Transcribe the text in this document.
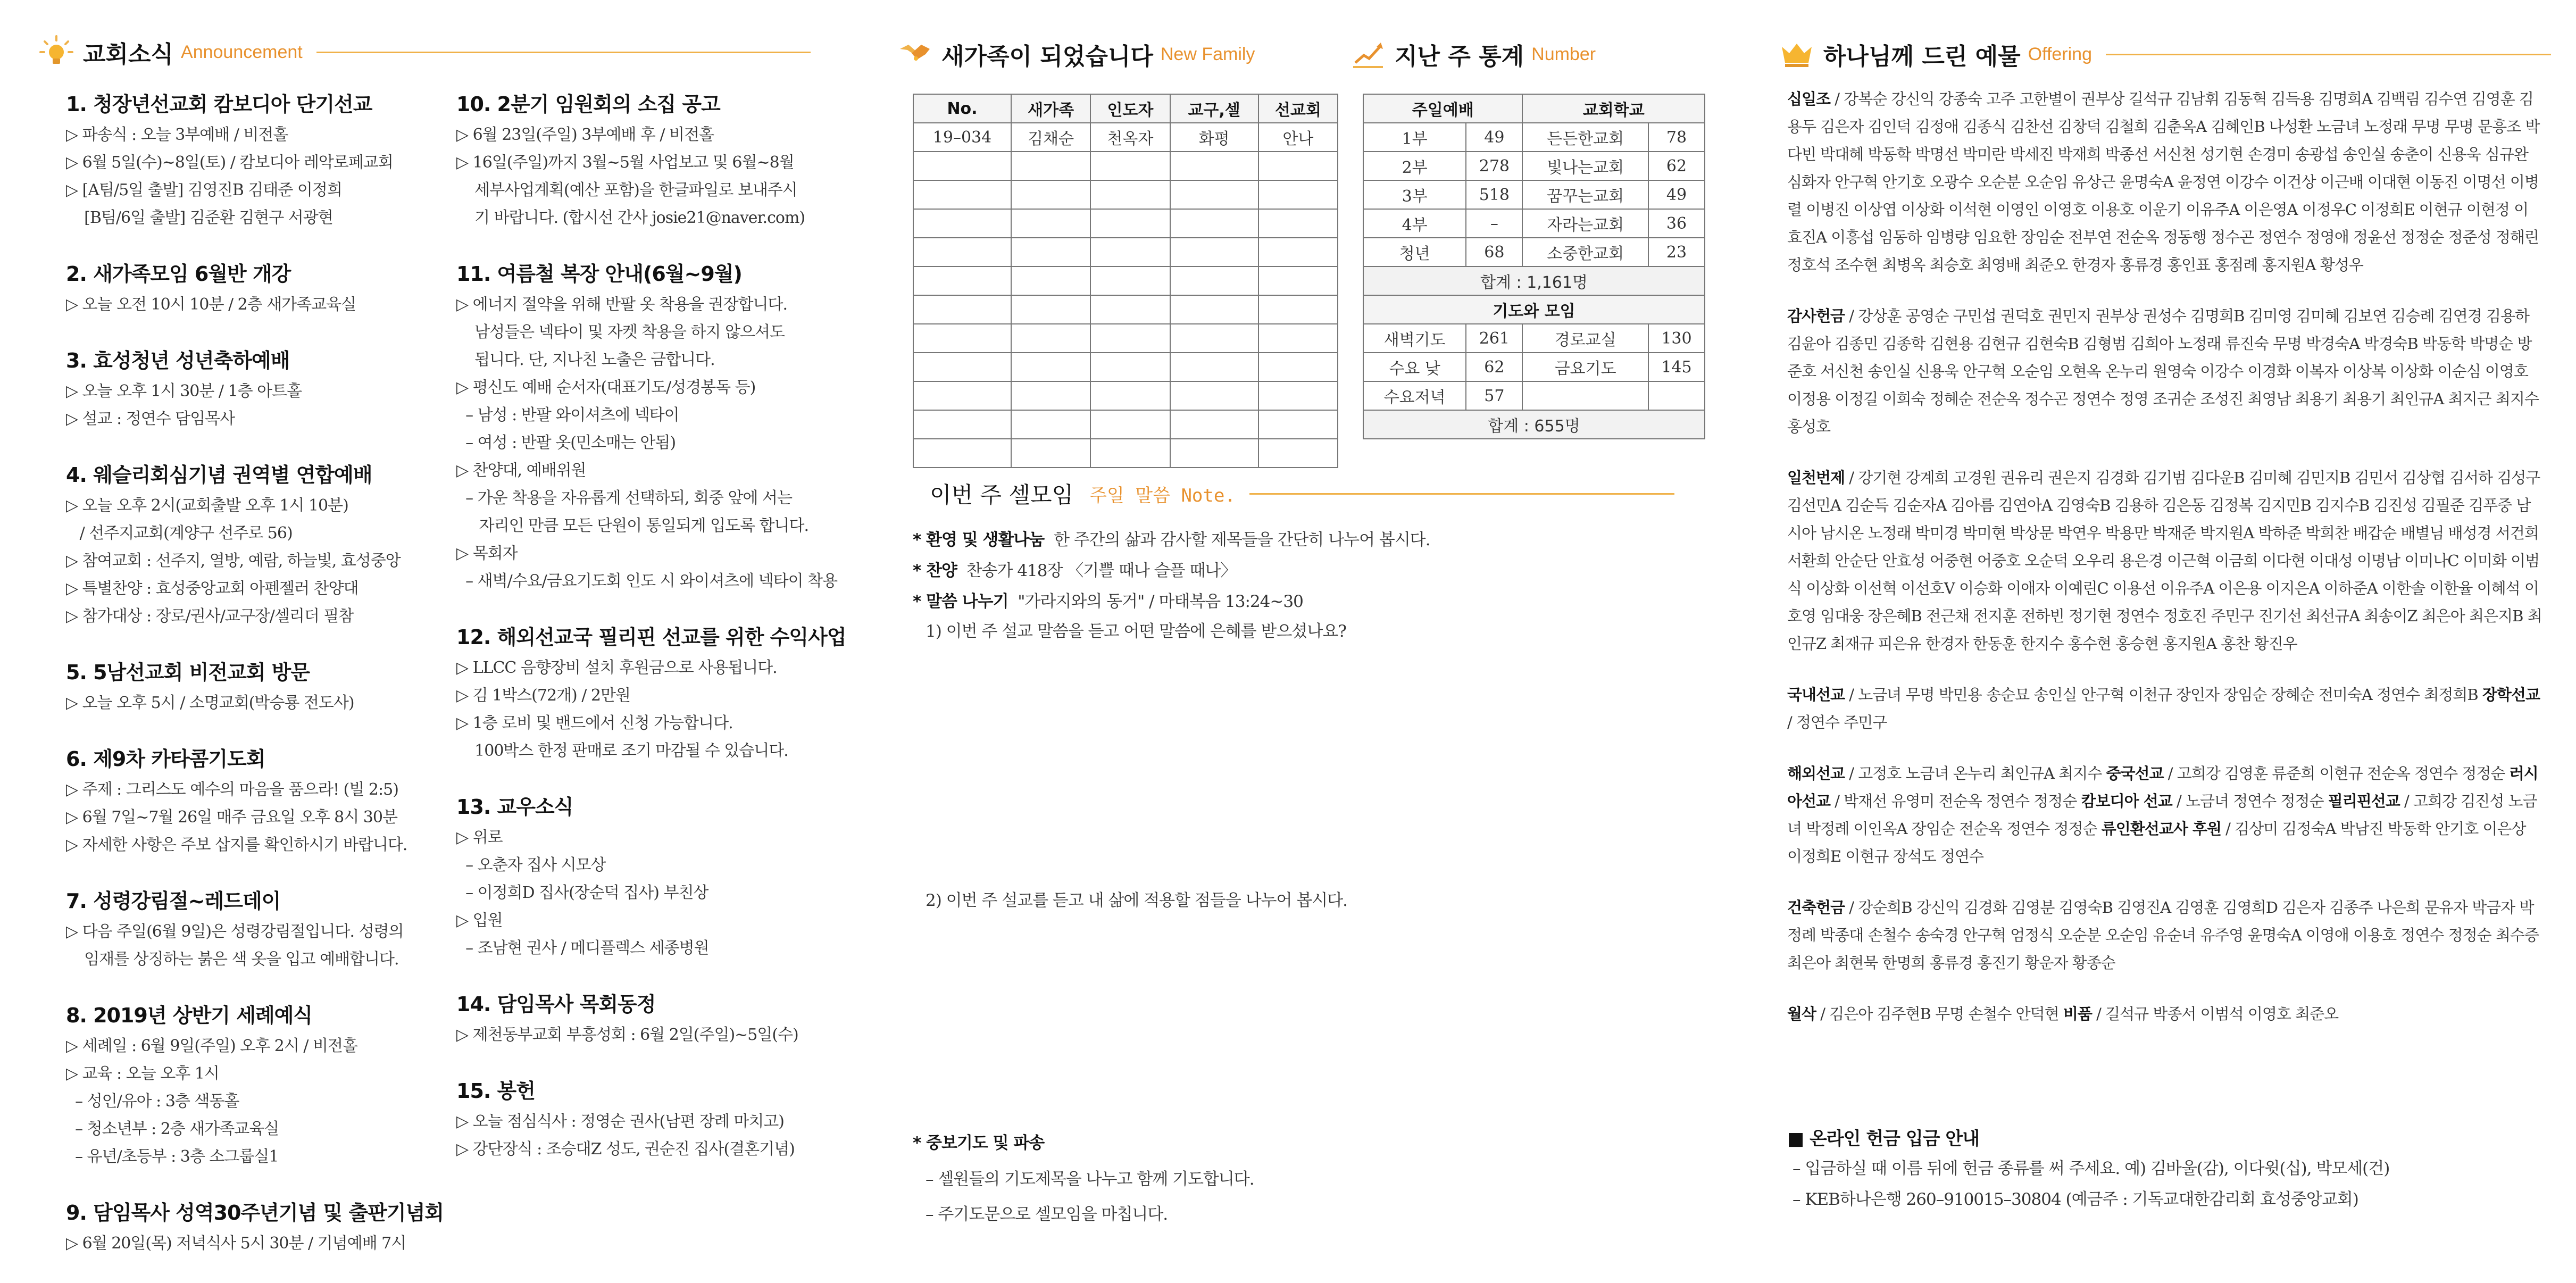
교회소식 Announcement
1. 청장년선교회 캄보디아 단기선교

▷ 파송식 : 오늘 3부예배 / 비전홀

▷ 6월 5일(수)~8일(토) / 캄보디아 레악로페교회

▷ [A팀/5일 출발] 김영진B 김태준 이정희

[B팀/6일 출발] 김준환 김현구 서광현

2. 새가족모임 6월반 개강

▷ 오늘 오전 10시 10분 / 2층 새가족교육실

3. 효성청년 성년축하예배

▷ 오늘 오후 1시 30분 / 1층 아트홀

▷ 설교 : 정연수 담임목사

4. 웨슬리회심기념 권역별 연합예배

▷ 오늘 오후 2시(교회출발 오후 1시 10분)

/ 선주지교회(계양구 선주로 56)

▷ 참여교회 : 선주지, 열방, 예람, 하늘빛, 효성중앙

▷ 특별찬양 : 효성중앙교회 아펜젤러 찬양대

▷ 참가대상 : 장로/권사/교구장/셀리더 필참

5. 5남선교회 비전교회 방문

▷ 오늘 오후 5시 / 소명교회(박승룡 전도사)

6. 제9차 카타콤기도회

▷ 주제 : 그리스도 예수의 마음을 품으라! (빌 2:5)

▷ 6월 7일~7월 26일 매주 금요일 오후 8시 30분

▷ 자세한 사항은 주보 삽지를 확인하시기 바랍니다.

7. 성령강림절~레드데이

▷ 다음 주일(6월 9일)은 성령강림절입니다. 성령의

임재를 상징하는 붉은 색 옷을 입고 예배합니다.

8. 2019년 상반기 세례예식

▷ 세례일 : 6월 9일(주일) 오후 2시 / 비전홀

▷ 교육 : 오늘 오후 1시

– 성인/유아 : 3층 색동홀

– 청소년부 : 2층 새가족교육실

– 유년/초등부 : 3층 소그룹실1

9. 담임목사 성역30주년기념 및 출판기념회

▷ 6월 20일(목) 저녁식사 5시 30분 / 기념예배 7시

10. 2분기 임원회의 소집 공고

▷ 6월 23일(주일) 3부예배 후 / 비전홀

▷ 16일(주일)까지 3월~5월 사업보고 및 6월~8월

세부사업계획(예산 포함)을 한글파일로 보내주시

기 바랍니다. (합시선 간사 josie21@naver.com)

11. 여름철 복장 안내(6월~9월)

▷ 에너지 절약을 위해 반팔 옷 착용을 권장합니다.

남성들은 넥타이 및 자켓 착용을 하지 않으셔도

됩니다. 단, 지나친 노출은 금합니다.

▷ 평신도 예배 순서자(대표기도/성경봉독 등)

– 남성 : 반팔 와이셔츠에 넥타이

– 여성 : 반팔 옷(민소매는 안됨)

▷ 찬양대, 예배위원

– 가운 착용을 자유롭게 선택하되, 회중 앞에 서는

자리인 만큼 모든 단원이 통일되게 입도록 합니다.

▷ 목회자

– 새벽/수요/금요기도회 인도 시 와이셔츠에 넥타이 착용

12. 해외선교국 필리핀 선교를 위한 수익사업

▷ LLCC 음향장비 설치 후원금으로 사용됩니다.

▷ 김 1박스(72개) / 2만원

▷ 1층 로비 및 밴드에서 신청 가능합니다.

100박스 한정 판매로 조기 마감될 수 있습니다.

13. 교우소식

▷ 위로

– 오춘자 집사 시모상

– 이정희D 집사(장순덕 집사) 부친상

▷ 입원

– 조남현 권사 / 메디플렉스 세종병원

14. 담임목사 목회동정

▷ 제천동부교회 부흥성회 : 6월 2일(주일)~5일(수)

15. 봉헌

▷ 오늘 점심식사 : 정영순 권사(남편 장례 마치고)

▷ 강단장식 : 조승대Z 성도, 권순진 집사(결혼기념)

새가족이 되었습니다 New Family	지난 주 통계 Number
No.	새가족	인도자	교구,셀	선교회
19–034	김채순	천옥자	화평	안나

주일예배		교회학교	
1부	49	든든한교회	78
2부	278	빛나는교회	62
3부	518	꿈꾸는교회	49
4부	–	자라는교회	36
청년	68	소중한교회	23
합계 : 1,161명			
기도와 모임			
새벽기도	261	경로교실	130
수요 낮	62	금요기도	145
수요저녁	57		
합계 : 655명			
이번 주 셀모임 주일 말씀 Note.
* 환영 및 생활나눔 한 주간의 삶과 감사할 제목들을 간단히 나누어 봅시다.
* 찬양 찬송가 418장 〈기쁠 때나 슬플 때나〉
* 말씀 나누기 "가라지와의 동거" / 마태복음 13:24~30
1) 이번 주 설교 말씀을 듣고 어떤 말씀에 은혜를 받으셨나요?
2) 이번 주 설교를 듣고 내 삶에 적용할 점들을 나누어 봅시다.
* 중보기도 및 파송
– 셀원들의 기도제목을 나누고 함께 기도합니다.
– 주기도문으로 셀모임을 마칩니다.
하나님께 드린 예물 Offering
십일조 / 강복순 강신익 강종숙 고주 고한별이 권부상 길석규 김남휘 김동혁 김득용 김명희A 김백림 김수연 김영훈 김용두 김은자 김인덕 김정애 김종식 김찬선 김창덕 김철희 김춘옥A 김혜인B 나성환 노금녀 노정래 무명 무명 문흥조 박다빈 박대혜 박동학 박명선 박미란 박세진 박재희 박종선 서신천 성기현 손경미 송광섭 송인실 송춘이 신용욱 심규완 심화자 안구혁 안기호 오광수 오순분 오순임 유상근 윤명숙A 윤정연 이강수 이건상 이근배 이대현 이동진 이명선 이병렬 이병진 이상엽 이상화 이석현 이영인 이영호 이용호 이운기 이유주A 이은영A 이정우C 이정희E 이현규 이현정 이효진A 이흥섭 임동하 임병량 임요한 장임순 전부연 전순옥 정동행 정수곤 정연수 정영애 정윤선 정정순 정준성 정해린 정호석 조수현 최병옥 최승호 최영배 최준오 한경자 홍류경 홍인표 홍점례 홍지원A 황성우
감사헌금 / 강상훈 공영순 구민섭 권덕호 권민지 권부상 권성수 김명희B 김미영 김미혜 김보연 김승례 김연경 김용하 김윤아 김종민 김종학 김현용 김현규 김현숙B 김형범 김희아 노정래 류진숙 무명 박경숙A 박경숙B 박동학 박명순 방준호 서신천 송인실 신용욱 안구혁 오순임 오현옥 온누리 원영숙 이강수 이경화 이복자 이상복 이상화 이순심 이영호 이정용 이정길 이희숙 정혜순 전순옥 정수곤 정연수 정영 조귀순 조성진 최영남 최용기 최용기 최인규A 최지근 최지수 홍성호
일천번제 / 강기현 강계희 고경원 권유리 권은지 김경화 김기범 김다운B 김미혜 김민지B 김민서 김상협 김서하 김성구 김선민A 김순득 김순자A 김아름 김연아A 김영숙B 김용하 김은동 김정복 김지민B 김지수B 김진성 김필준 김푸중 남시아 남시온 노정래 박미경 박미현 박상문 박연우 박용만 박재준 박지원A 박하준 박희찬 배갑순 배별님 배성경 서건희 서환희 안순단 안효성 어중현 어중호 오순덕 오우리 용은경 이근혁 이금희 이다현 이대성 이명남 이미나C 이미화 이범식 이상화 이선혁 이선호V 이승화 이애자 이예린C 이용선 이유주A 이은용 이지은A 이하준A 이한솔 이한율 이혜석 이호영 임대웅 장은혜B 전근채 전지훈 전하빈 정기현 정연수 정호진 주민구 진기선 최선규A 최송이Z 최은아 최은지B 최인규Z 최재규 피은유 한경자 한동훈 한지수 홍수현 홍승현 홍지원A 홍찬 황진우
국내선교 / 노금녀 무명 박민용 송순묘 송인실 안구혁 이천규 장인자 장임순 장혜순 전미숙A 정연수 최정희B 장학선교 / 정연수 주민구
해외선교 / 고정호 노금녀 온누리 최인규A 최지수 중국선교 / 고희강 김영훈 류준희 이현규 전순옥 정연수 정정순 러시아선교 / 박재선 유영미 전순옥 정연수 정정순 캄보디아 선교 / 노금녀 정연수 정정순 필리핀선교 / 고희강 김진성 노금녀 박정례 이인옥A 장임순 전순옥 정연수 정정순 류인환선교사 후원 / 김상미 김정숙A 박남진 박동학 안기호 이은상 이정희E 이현규 장석도 정연수
건축헌금 / 강순희B 강신익 김경화 김영분 김영숙B 김영진A 김영훈 김영희D 김은자 김종주 나은희 문유자 박금자 박정례 박종대 손철수 송숙경 안구혁 엄정식 오순분 오순임 유순녀 유주영 윤명숙A 이영애 이용호 정연수 정정순 최수증 최은아 최현묵 한명희 홍류경 홍진기 황운자 황종순
월삭 / 김은아 김주현B 무명 손철수 안덕현 비품 / 길석규 박종서 이범석 이영호 최준오
■ 온라인 헌금 입금 안내
– 입금하실 때 이름 뒤에 헌금 종류를 써 주세요. 예) 김바울(감), 이다윗(십), 박모세(건)
– KEB하나은행 260–910015–30804 (예금주 : 기독교대한감리회 효성중앙교회)
